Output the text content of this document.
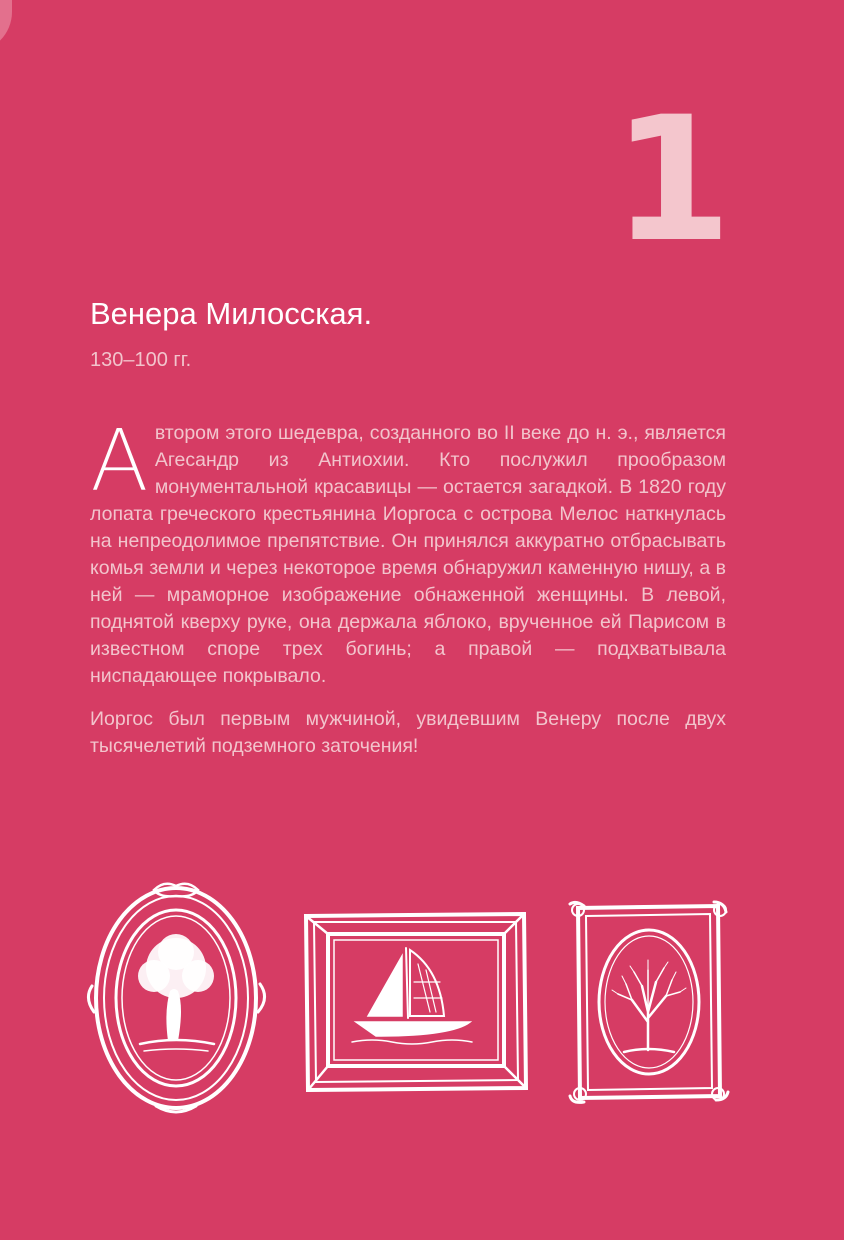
1
Венера Милосская.
130–100 гг.

Автором этого шедевра, созданного во II веке до н. э., является Агесандр из Антиохии. Кто послужил прообразом монументальной красавицы — остается загадкой. В 1820 году лопата греческого крестьянина Иоргоса с острова Мелос наткнулась на непреодолимое препятствие. Он принялся аккуратно отбрасывать комья земли и через некоторое время обнаружил каменную нишу, а в ней — мраморное изображение обнаженной женщины. В левой, поднятой кверху руке, она держала яблоко, врученное ей Парисом в известном споре трех богинь; а правой — подхватывала ниспадающее покрывало.

Иоргос был первым мужчиной, увидевшим Венеру после двух тысячелетий подземного заточения!
